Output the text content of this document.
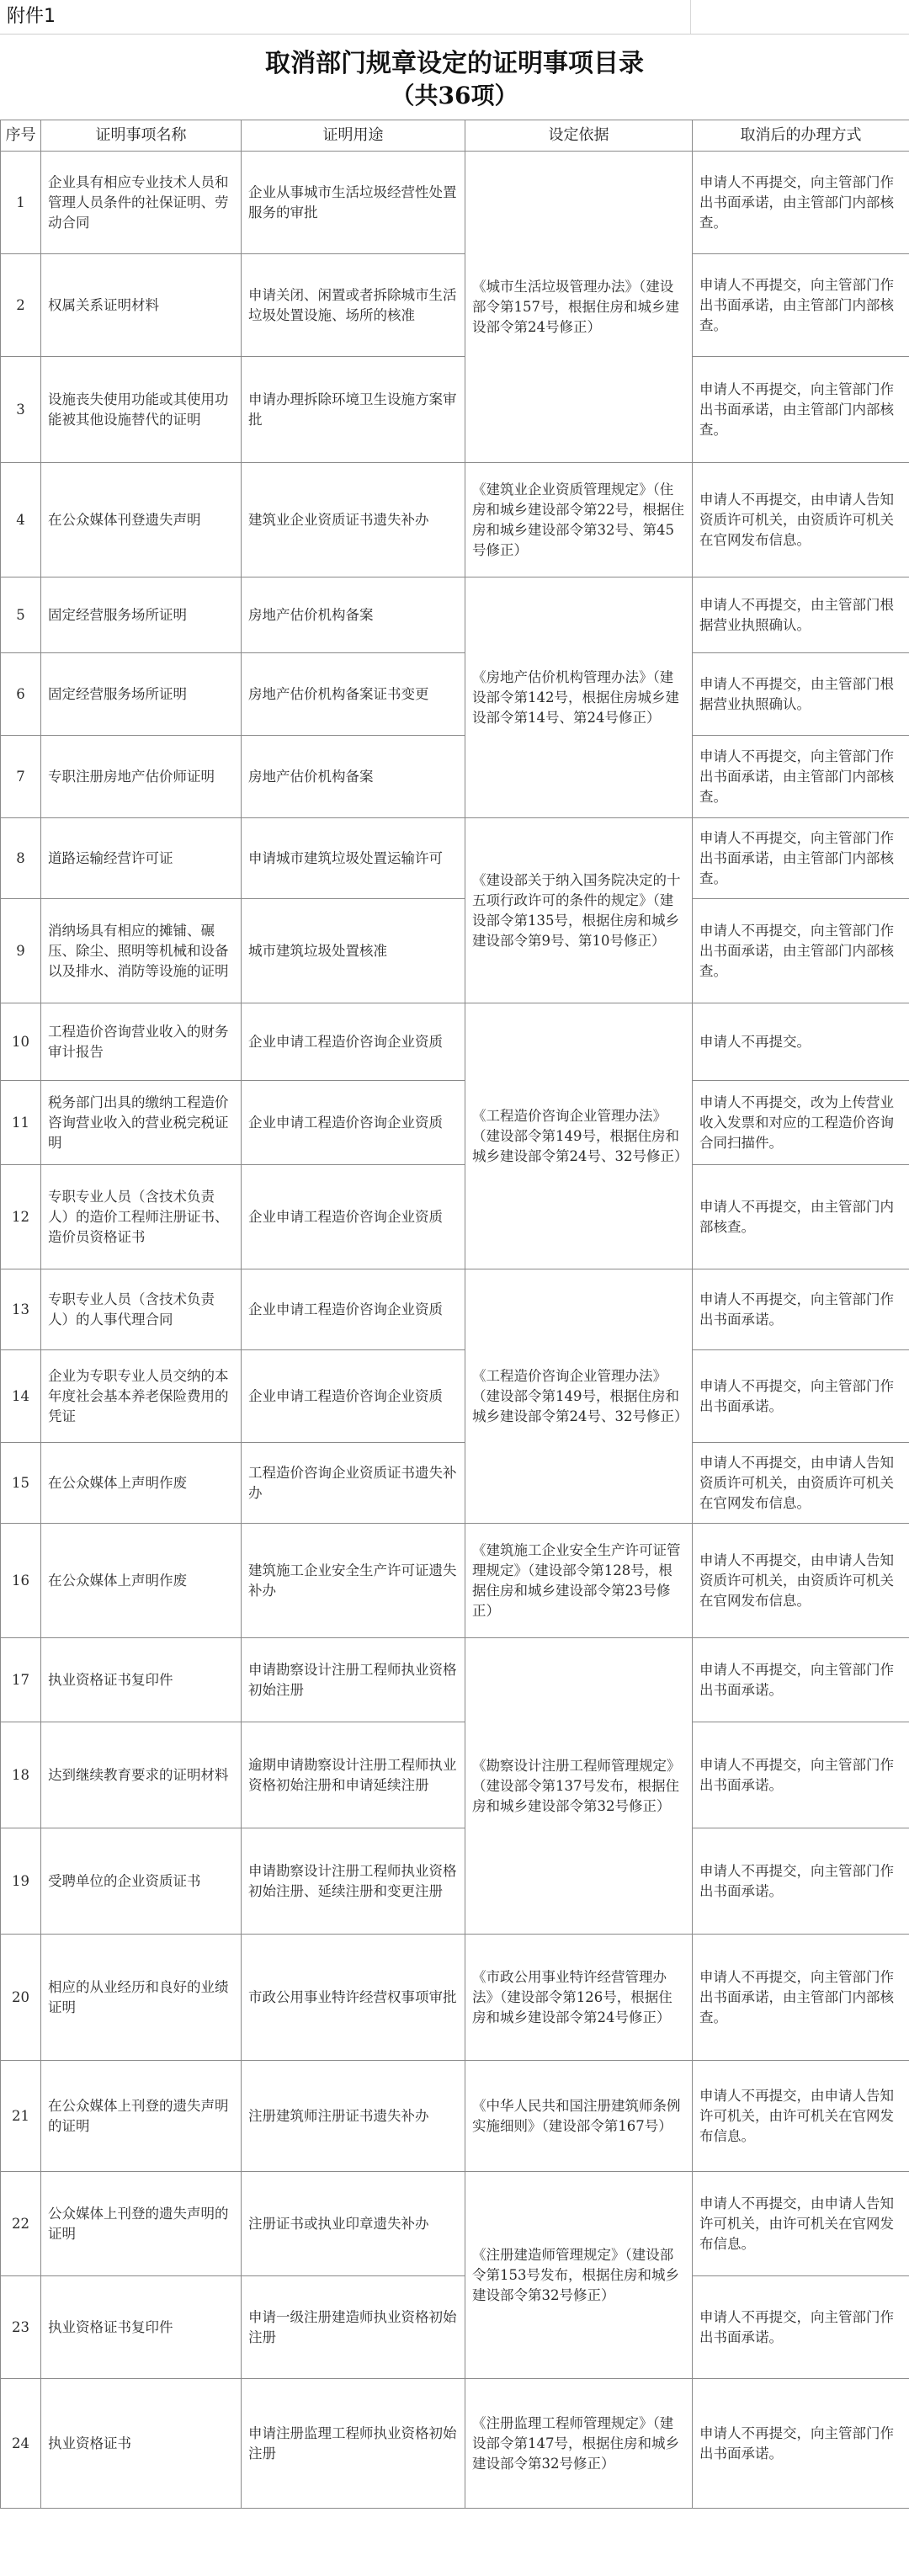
附件1
取消部门规章设定的证明事项目录
（共36项）
序号	证明事项名称	证明用途	设定依据	取消后的办理方式
1	企业具有相应专业技术人员和管理人员条件的社保证明、劳动合同	企业从事城市生活垃圾经营性处置服务的审批	《城市生活垃圾管理办法》（建设部令第157号，根据住房和城乡建设部令第24号修正）	申请人不再提交，向主管部门作出书面承诺，由主管部门内部核查。
2	权属关系证明材料	申请关闭、闲置或者拆除城市生活垃圾处置设施、场所的核准		申请人不再提交，向主管部门作出书面承诺，由主管部门内部核查。
3	设施丧失使用功能或其使用功能被其他设施替代的证明	申请办理拆除环境卫生设施方案审批		申请人不再提交，向主管部门作出书面承诺，由主管部门内部核查。
4	在公众媒体刊登遗失声明	建筑业企业资质证书遗失补办	《建筑业企业资质管理规定》（住房和城乡建设部令第22号，根据住房和城乡建设部令第32号、第45号修正）	申请人不再提交，由申请人告知资质许可机关，由资质许可机关在官网发布信息。
5	固定经营服务场所证明	房地产估价机构备案	《房地产估价机构管理办法》（建设部令第142号，根据住房城乡建设部令第14号、第24号修正）	申请人不再提交，由主管部门根据营业执照确认。
6	固定经营服务场所证明	房地产估价机构备案证书变更		申请人不再提交，由主管部门根据营业执照确认。
7	专职注册房地产估价师证明	房地产估价机构备案		申请人不再提交，向主管部门作出书面承诺，由主管部门内部核查。
8	道路运输经营许可证	申请城市建筑垃圾处置运输许可	《建设部关于纳入国务院决定的十五项行政许可的条件的规定》（建设部令第135号，根据住房和城乡建设部令第9号、第10号修正）	申请人不再提交，向主管部门作出书面承诺，由主管部门内部核查。
9	消纳场具有相应的摊铺、碾压、除尘、照明等机械和设备以及排水、消防等设施的证明	城市建筑垃圾处置核准		申请人不再提交，向主管部门作出书面承诺，由主管部门内部核查。
10	工程造价咨询营业收入的财务审计报告	企业申请工程造价咨询企业资质	《工程造价咨询企业管理办法》（建设部令第149号，根据住房和城乡建设部令第24号、32号修正）	申请人不再提交。
11	税务部门出具的缴纳工程造价咨询营业收入的营业税完税证明	企业申请工程造价咨询企业资质		申请人不再提交，改为上传营业收入发票和对应的工程造价咨询合同扫描件。
12	专职专业人员（含技术负责人）的造价工程师注册证书、造价员资格证书	企业申请工程造价咨询企业资质		申请人不再提交，由主管部门内部核查。
13	专职专业人员（含技术负责人）的人事代理合同	企业申请工程造价咨询企业资质	《工程造价咨询企业管理办法》（建设部令第149号，根据住房和城乡建设部令第24号、32号修正）	申请人不再提交，向主管部门作出书面承诺。
14	企业为专职专业人员交纳的本年度社会基本养老保险费用的凭证	企业申请工程造价咨询企业资质		申请人不再提交，向主管部门作出书面承诺。
15	在公众媒体上声明作废	工程造价咨询企业资质证书遗失补办		申请人不再提交，由申请人告知资质许可机关，由资质许可机关在官网发布信息。
16	在公众媒体上声明作废	建筑施工企业安全生产许可证遗失补办	《建筑施工企业安全生产许可证管理规定》（建设部令第128号，根据住房和城乡建设部令第23号修正）	申请人不再提交，由申请人告知资质许可机关，由资质许可机关在官网发布信息。
17	执业资格证书复印件	申请勘察设计注册工程师执业资格初始注册	《勘察设计注册工程师管理规定》（建设部令第137号发布，根据住房和城乡建设部令第32号修正）	申请人不再提交，向主管部门作出书面承诺。
18	达到继续教育要求的证明材料	逾期申请勘察设计注册工程师执业资格初始注册和申请延续注册		申请人不再提交，向主管部门作出书面承诺。
19	受聘单位的企业资质证书	申请勘察设计注册工程师执业资格初始注册、延续注册和变更注册		申请人不再提交，向主管部门作出书面承诺。
20	相应的从业经历和良好的业绩证明	市政公用事业特许经营权事项审批	《市政公用事业特许经营管理办法》（建设部令第126号，根据住房和城乡建设部令第24号修正）	申请人不再提交，向主管部门作出书面承诺，由主管部门内部核查。
21	在公众媒体上刊登的遗失声明的证明	注册建筑师注册证书遗失补办	《中华人民共和国注册建筑师条例实施细则》（建设部令第167号）	申请人不再提交，由申请人告知许可机关，由许可机关在官网发布信息。
22	公众媒体上刊登的遗失声明的证明	注册证书或执业印章遗失补办	《注册建造师管理规定》（建设部令第153号发布，根据住房和城乡建设部令第32号修正）	申请人不再提交，由申请人告知许可机关，由许可机关在官网发布信息。
23	执业资格证书复印件	申请一级注册建造师执业资格初始注册		申请人不再提交，向主管部门作出书面承诺。
24	执业资格证书	申请注册监理工程师执业资格初始注册	《注册监理工程师管理规定》（建设部令第147号，根据住房和城乡建设部令第32号修正）	申请人不再提交，向主管部门作出书面承诺。
